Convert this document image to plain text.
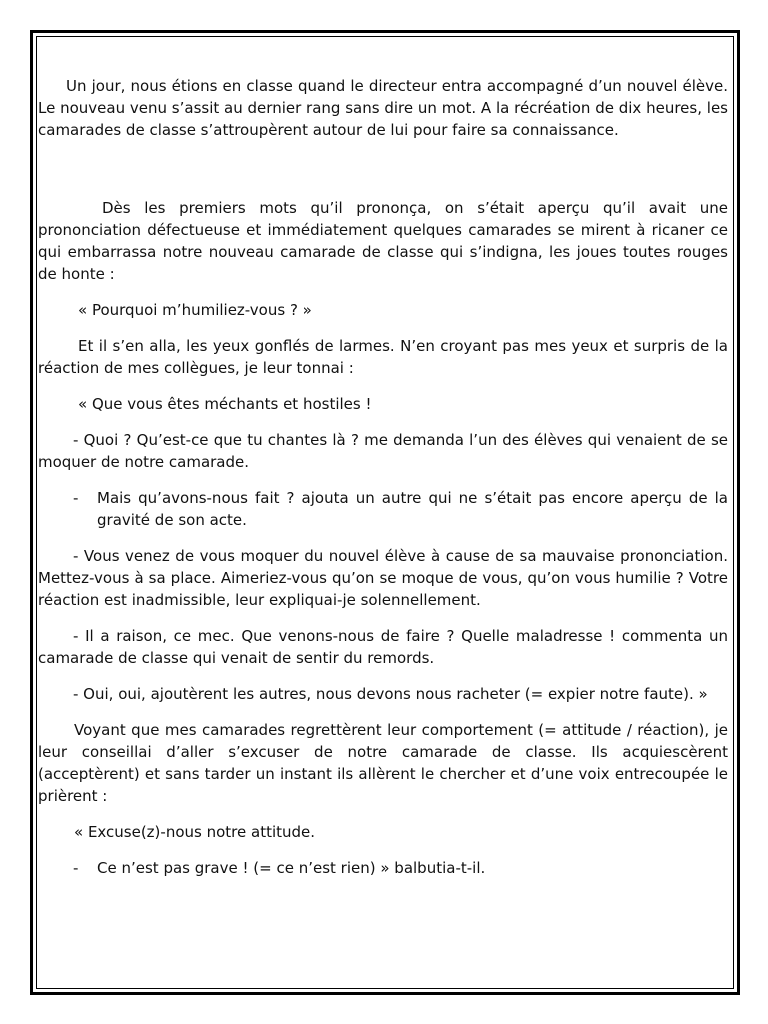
Un jour, nous étions en classe quand le directeur entra accompagné d’un nouvel élève. Le nouveau venu s’assit au dernier rang sans dire un mot. A la récréation de dix heures, les camarades de classe s’attroupèrent autour de lui pour faire sa connaissance.

Dès les premiers mots qu’il prononça, on s’était aperçu qu’il avait une prononciation défectueuse et immédiatement quelques camarades se mirent à ricaner ce qui embarrassa notre nouveau camarade de classe qui s’indigna, les joues toutes rouges de honte :

« Pourquoi m’humiliez-vous ? »

Et il s’en alla, les yeux gonflés de larmes. N’en croyant pas mes yeux et surpris de la réaction de mes collègues, je leur tonnai :

« Que vous êtes méchants et hostiles !

- Quoi ? Qu’est-ce que tu chantes là ? me demanda l’un des élèves qui venaient de se moquer de notre camarade.

- Mais qu’avons-nous fait ? ajouta un autre qui ne s’était pas encore aperçu de la gravité de son acte.

- Vous venez de vous moquer du nouvel élève à cause de sa mauvaise prononciation. Mettez-vous à sa place. Aimeriez-vous qu’on se moque de vous, qu’on vous humilie ? Votre réaction est inadmissible, leur expliquai-je solennellement.

- Il a raison, ce mec. Que venons-nous de faire ? Quelle maladresse ! commenta un camarade de classe qui venait de sentir du remords.

- Oui, oui, ajoutèrent les autres, nous devons nous racheter (= expier notre faute). »

Voyant que mes camarades regrettèrent leur comportement (= attitude / réaction), je leur conseillai d’aller s’excuser de notre camarade de classe. Ils acquiescèrent (acceptèrent) et sans tarder un instant ils allèrent le chercher et d’une voix entrecoupée le prièrent :

« Excuse(z)-nous notre attitude.

- Ce n’est pas grave ! (= ce n’est rien) » balbutia-t-il.
